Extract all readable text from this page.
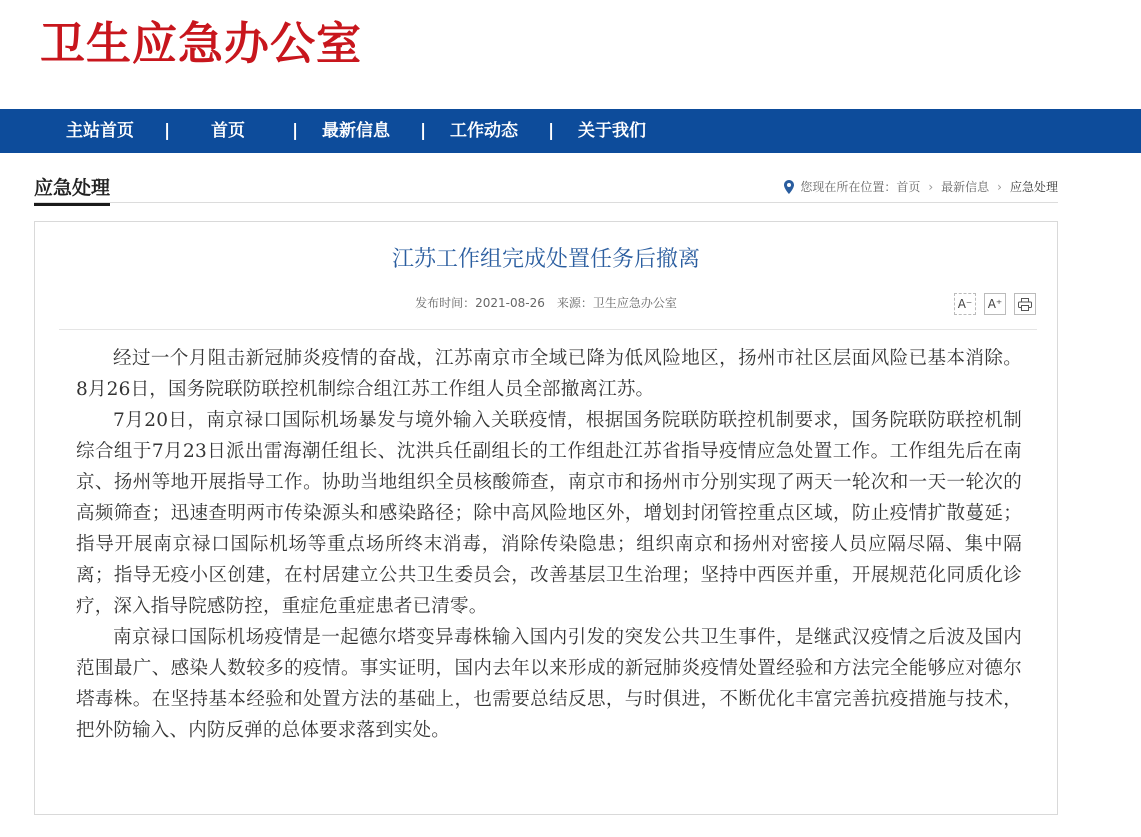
卫生应急办公室
主站首页	|	首页	|	最新信息	|	工作动态	|	关于我们
应急处理	您现在所在位置： 首页 › 最新信息 › 应急处理
江苏工作组完成处置任务后撤离
发布时间：2021-08-26 来源：卫生应急办公室	A⁻ A⁺

经过一个月阻击新冠肺炎疫情的奋战，江苏南京市全域已降为低风险地区，扬州市社区层面风险已基本消除。8月26日，国务院联防联控机制综合组江苏工作组人员全部撤离江苏。

7月20日，南京禄口国际机场暴发与境外输入关联疫情，根据国务院联防联控机制要求，国务院联防联控机制综合组于7月23日派出雷海潮任组长、沈洪兵任副组长的工作组赴江苏省指导疫情应急处置工作。工作组先后在南京、扬州等地开展指导工作。协助当地组织全员核酸筛查，南京市和扬州市分别实现了两天一轮次和一天一轮次的高频筛查；迅速查明两市传染源头和感染路径；除中高风险地区外，增划封闭管控重点区域，防止疫情扩散蔓延；指导开展南京禄口国际机场等重点场所终末消毒，消除传染隐患；组织南京和扬州对密接人员应隔尽隔、集中隔离；指导无疫小区创建，在村居建立公共卫生委员会，改善基层卫生治理；坚持中西医并重，开展规范化同质化诊疗，深入指导院感防控，重症危重症患者已清零。

南京禄口国际机场疫情是一起德尔塔变异毒株输入国内引发的突发公共卫生事件，是继武汉疫情之后波及国内范围最广、感染人数较多的疫情。事实证明，国内去年以来形成的新冠肺炎疫情处置经验和方法完全能够应对德尔塔毒株。在坚持基本经验和处置方法的基础上，也需要总结反思，与时俱进，不断优化丰富完善抗疫措施与技术，把外防输入、内防反弹的总体要求落到实处。
